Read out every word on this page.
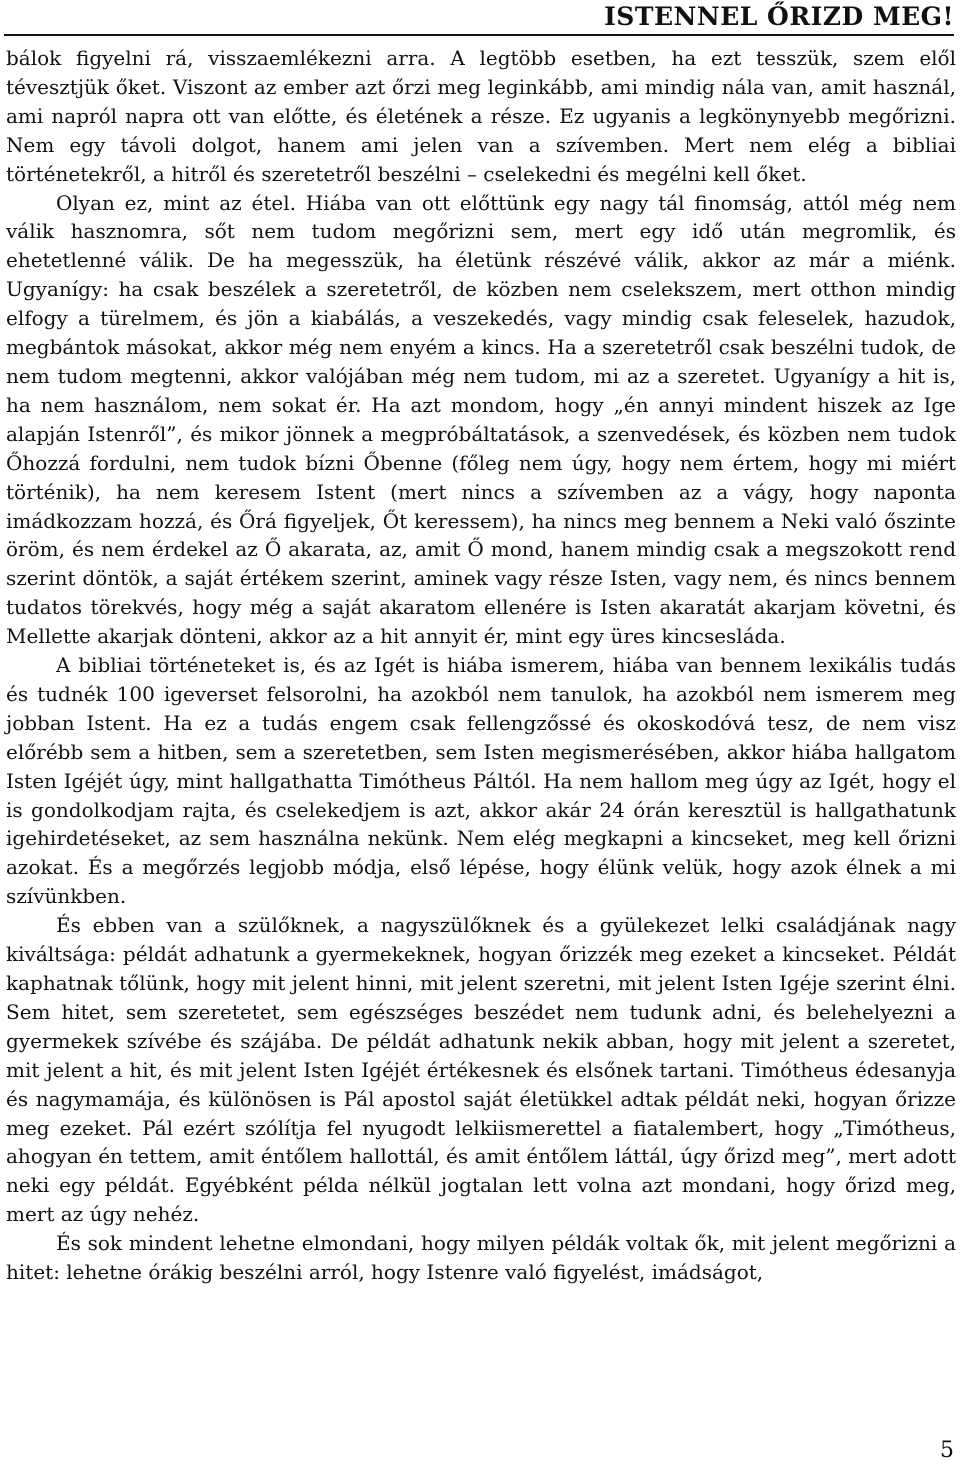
ISTENNEL ŐRIZD MEG!

bálok figyelni rá, visszaemlékezni arra. A legtöbb esetben, ha ezt tesszük, szem elől tévesztjük őket. Viszont az ember azt őrzi meg leginkább, ami mindig nála van, amit használ, ami napról napra ott van előtte, és életének a része. Ez ugyanis a legkönynyebb megőrizni. Nem egy távoli dolgot, hanem ami jelen van a szívemben. Mert nem elég a bibliai történetekről, a hitről és szeretetről beszélni – cselekedni és megélni kell őket.

Olyan ez, mint az étel. Hiába van ott előttünk egy nagy tál finomság, attól még nem válik hasznomra, sőt nem tudom megőrizni sem, mert egy idő után megromlik, és ehetetlenné válik. De ha megesszük, ha életünk részévé válik, akkor az már a miénk. Ugyanígy: ha csak beszélek a szeretetről, de közben nem cselekszem, mert otthon mindig elfogy a türelmem, és jön a kiabálás, a veszekedés, vagy mindig csak feleselek, hazudok, megbántok másokat, akkor még nem enyém a kincs. Ha a szeretetről csak beszélni tudok, de nem tudom megtenni, akkor valójában még nem tudom, mi az a szeretet. Ugyanígy a hit is, ha nem használom, nem sokat ér. Ha azt mondom, hogy „én annyi mindent hiszek az Ige alapján Istenről”, és mikor jönnek a megpróbáltatások, a szenvedések, és közben nem tudok Őhozzá fordulni, nem tudok bízni Őbenne (főleg nem úgy, hogy nem értem, hogy mi miért történik), ha nem keresem Istent (mert nincs a szívemben az a vágy, hogy naponta imádkozzam hozzá, és Őrá figyeljek, Őt keressem), ha nincs meg bennem a Neki való őszinte öröm, és nem érdekel az Ő akarata, az, amit Ő mond, hanem mindig csak a megszokott rend szerint döntök, a saját értékem szerint, aminek vagy része Isten, vagy nem, és nincs bennem tudatos törekvés, hogy még a saját akaratom ellenére is Isten akaratát akarjam követni, és Mellette akarjak dönteni, akkor az a hit annyit ér, mint egy üres kincsesláda.

A bibliai történeteket is, és az Igét is hiába ismerem, hiába van bennem lexikális tudás és tudnék 100 igeverset felsorolni, ha azokból nem tanulok, ha azokból nem ismerem meg jobban Istent. Ha ez a tudás engem csak fellengzőssé és okoskodóvá tesz, de nem visz előrébb sem a hitben, sem a szeretetben, sem Isten megismerésében, akkor hiába hallgatom Isten Igéjét úgy, mint hallgathatta Timótheus Páltól. Ha nem hallom meg úgy az Igét, hogy el is gondolkodjam rajta, és cselekedjem is azt, akkor akár 24 órán keresztül is hallgathatunk igehirdetéseket, az sem használna nekünk. Nem elég megkapni a kincseket, meg kell őrizni azokat. És a megőrzés legjobb módja, első lépése, hogy élünk velük, hogy azok élnek a mi szívünkben.

És ebben van a szülőknek, a nagyszülőknek és a gyülekezet lelki családjának nagy kiváltsága: példát adhatunk a gyermekeknek, hogyan őrizzék meg ezeket a kincseket. Példát kaphatnak tőlünk, hogy mit jelent hinni, mit jelent szeretni, mit jelent Isten Igéje szerint élni. Sem hitet, sem szeretetet, sem egészséges beszédet nem tudunk adni, és belehelyezni a gyermekek szívébe és szájába. De példát adhatunk nekik abban, hogy mit jelent a szeretet, mit jelent a hit, és mit jelent Isten Igéjét értékesnek és elsőnek tartani. Timótheus édesanyja és nagymamája, és különösen is Pál apostol saját életükkel adtak példát neki, hogyan őrizze meg ezeket. Pál ezért szólítja fel nyugodt lelkiismerettel a fiatalembert, hogy „Timótheus, ahogyan én tettem, amit éntőlem hallottál, és amit éntőlem láttál, úgy őrizd meg”, mert adott neki egy példát. Egyébként példa nélkül jogtalan lett volna azt mondani, hogy őrizd meg, mert az úgy nehéz.

És sok mindent lehetne elmondani, hogy milyen példák voltak ők, mit jelent megőrizni a hitet: lehetne órákig beszélni arról, hogy Istenre való figyelést, imádságot,

5
